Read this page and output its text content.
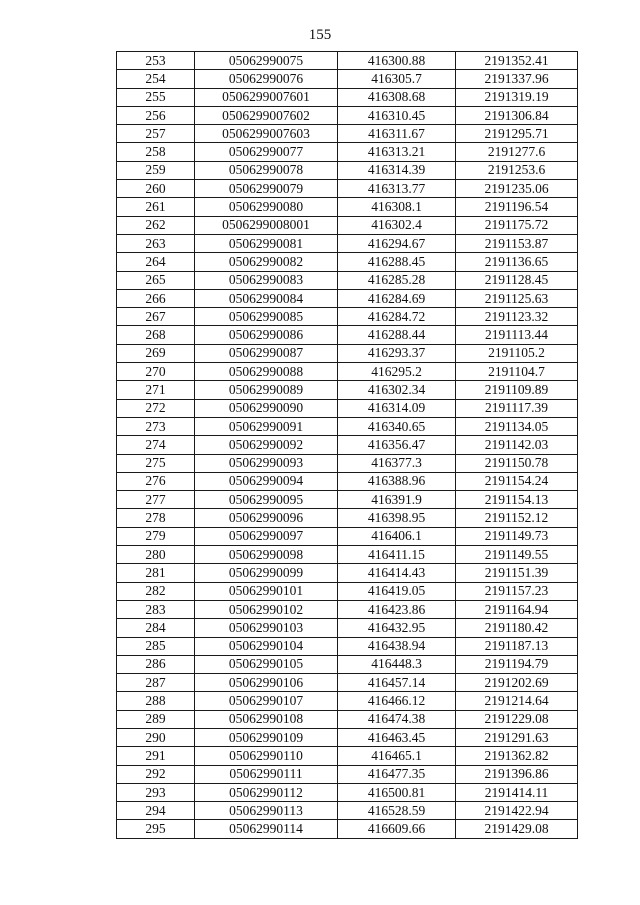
155
253	05062990075	416300.88	2191352.41
254	05062990076	416305.7	2191337.96
255	0506299007601	416308.68	2191319.19
256	0506299007602	416310.45	2191306.84
257	0506299007603	416311.67	2191295.71
258	05062990077	416313.21	2191277.6
259	05062990078	416314.39	2191253.6
260	05062990079	416313.77	2191235.06
261	05062990080	416308.1	2191196.54
262	0506299008001	416302.4	2191175.72
263	05062990081	416294.67	2191153.87
264	05062990082	416288.45	2191136.65
265	05062990083	416285.28	2191128.45
266	05062990084	416284.69	2191125.63
267	05062990085	416284.72	2191123.32
268	05062990086	416288.44	2191113.44
269	05062990087	416293.37	2191105.2
270	05062990088	416295.2	2191104.7
271	05062990089	416302.34	2191109.89
272	05062990090	416314.09	2191117.39
273	05062990091	416340.65	2191134.05
274	05062990092	416356.47	2191142.03
275	05062990093	416377.3	2191150.78
276	05062990094	416388.96	2191154.24
277	05062990095	416391.9	2191154.13
278	05062990096	416398.95	2191152.12
279	05062990097	416406.1	2191149.73
280	05062990098	416411.15	2191149.55
281	05062990099	416414.43	2191151.39
282	05062990101	416419.05	2191157.23
283	05062990102	416423.86	2191164.94
284	05062990103	416432.95	2191180.42
285	05062990104	416438.94	2191187.13
286	05062990105	416448.3	2191194.79
287	05062990106	416457.14	2191202.69
288	05062990107	416466.12	2191214.64
289	05062990108	416474.38	2191229.08
290	05062990109	416463.45	2191291.63
291	05062990110	416465.1	2191362.82
292	05062990111	416477.35	2191396.86
293	05062990112	416500.81	2191414.11
294	05062990113	416528.59	2191422.94
295	05062990114	416609.66	2191429.08
